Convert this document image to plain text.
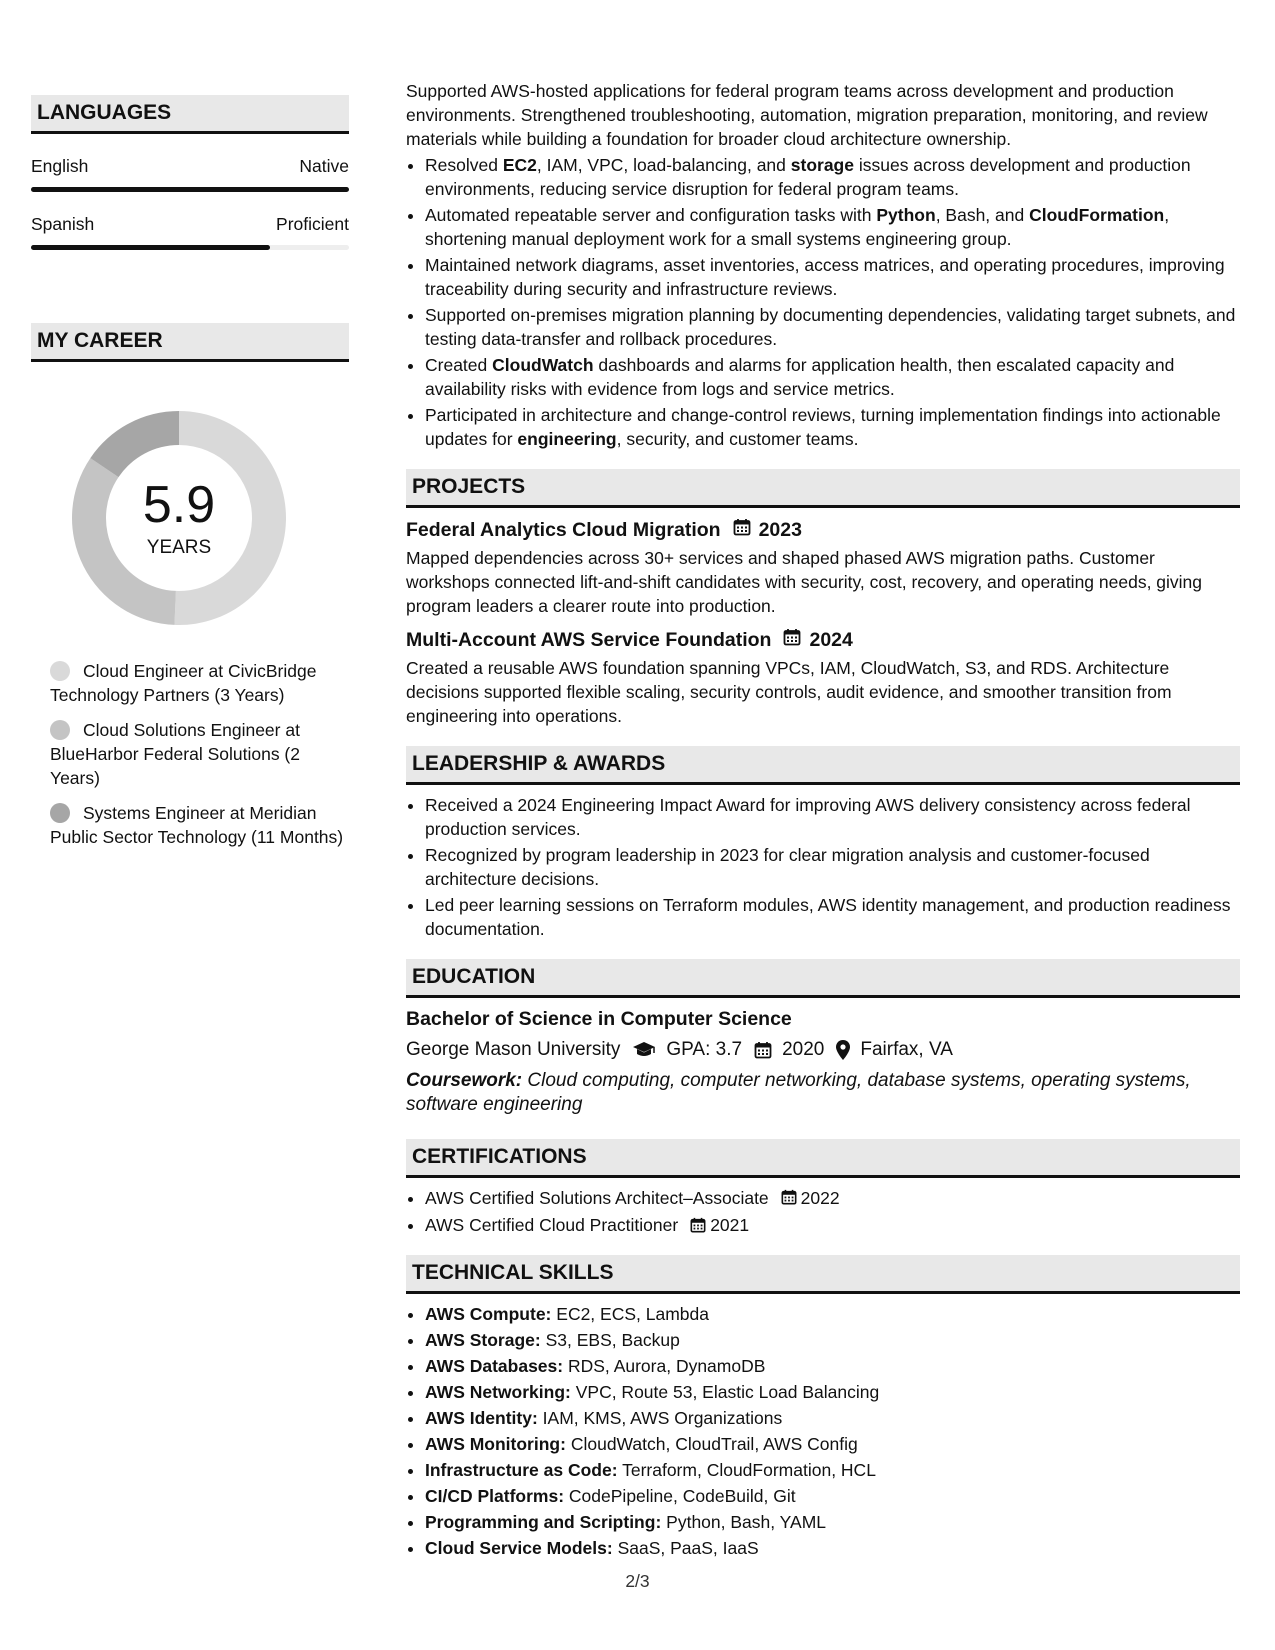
LANGUAGES
English	Native
Spanish	Proficient
MY CAREER
5.9
YEARS
Cloud Engineer at CivicBridge Technology Partners (3 Years)
Cloud Solutions Engineer at BlueHarbor Federal Solutions (2 Years)
Systems Engineer at Meridian Public Sector Technology (11 Months)
Supported AWS-hosted applications for federal program teams across development and production environments. Strengthened troubleshooting, automation, migration preparation, monitoring, and review materials while building a foundation for broader cloud architecture ownership.
• Resolved EC2, IAM, VPC, load-balancing, and storage issues across development and production environments, reducing service disruption for federal program teams.
• Automated repeatable server and configuration tasks with Python, Bash, and CloudFormation, shortening manual deployment work for a small systems engineering group.
• Maintained network diagrams, asset inventories, access matrices, and operating procedures, improving traceability during security and infrastructure reviews.
• Supported on-premises migration planning by documenting dependencies, validating target subnets, and testing data-transfer and rollback procedures.
• Created CloudWatch dashboards and alarms for application health, then escalated capacity and availability risks with evidence from logs and service metrics.
• Participated in architecture and change-control reviews, turning implementation findings into actionable updates for engineering, security, and customer teams.
PROJECTS
Federal Analytics Cloud Migration 2023
Mapped dependencies across 30+ services and shaped phased AWS migration paths. Customer workshops connected lift-and-shift candidates with security, cost, recovery, and operating needs, giving program leaders a clearer route into production.
Multi-Account AWS Service Foundation 2024
Created a reusable AWS foundation spanning VPCs, IAM, CloudWatch, S3, and RDS. Architecture decisions supported flexible scaling, security controls, audit evidence, and smoother transition from engineering into operations.
LEADERSHIP & AWARDS
• Received a 2024 Engineering Impact Award for improving AWS delivery consistency across federal production services.
• Recognized by program leadership in 2023 for clear migration analysis and customer-focused architecture decisions.
• Led peer learning sessions on Terraform modules, AWS identity management, and production readiness documentation.
EDUCATION
Bachelor of Science in Computer Science
George Mason University GPA: 3.7 2020 Fairfax, VA
Coursework: Cloud computing, computer networking, database systems, operating systems, software engineering
CERTIFICATIONS
• AWS Certified Solutions Architect–Associate 2022
• AWS Certified Cloud Practitioner 2021
TECHNICAL SKILLS
• AWS Compute: EC2, ECS, Lambda
• AWS Storage: S3, EBS, Backup
• AWS Databases: RDS, Aurora, DynamoDB
• AWS Networking: VPC, Route 53, Elastic Load Balancing
• AWS Identity: IAM, KMS, AWS Organizations
• AWS Monitoring: CloudWatch, CloudTrail, AWS Config
• Infrastructure as Code: Terraform, CloudFormation, HCL
• CI/CD Platforms: CodePipeline, CodeBuild, Git
• Programming and Scripting: Python, Bash, YAML
• Cloud Service Models: SaaS, PaaS, IaaS
2/3
